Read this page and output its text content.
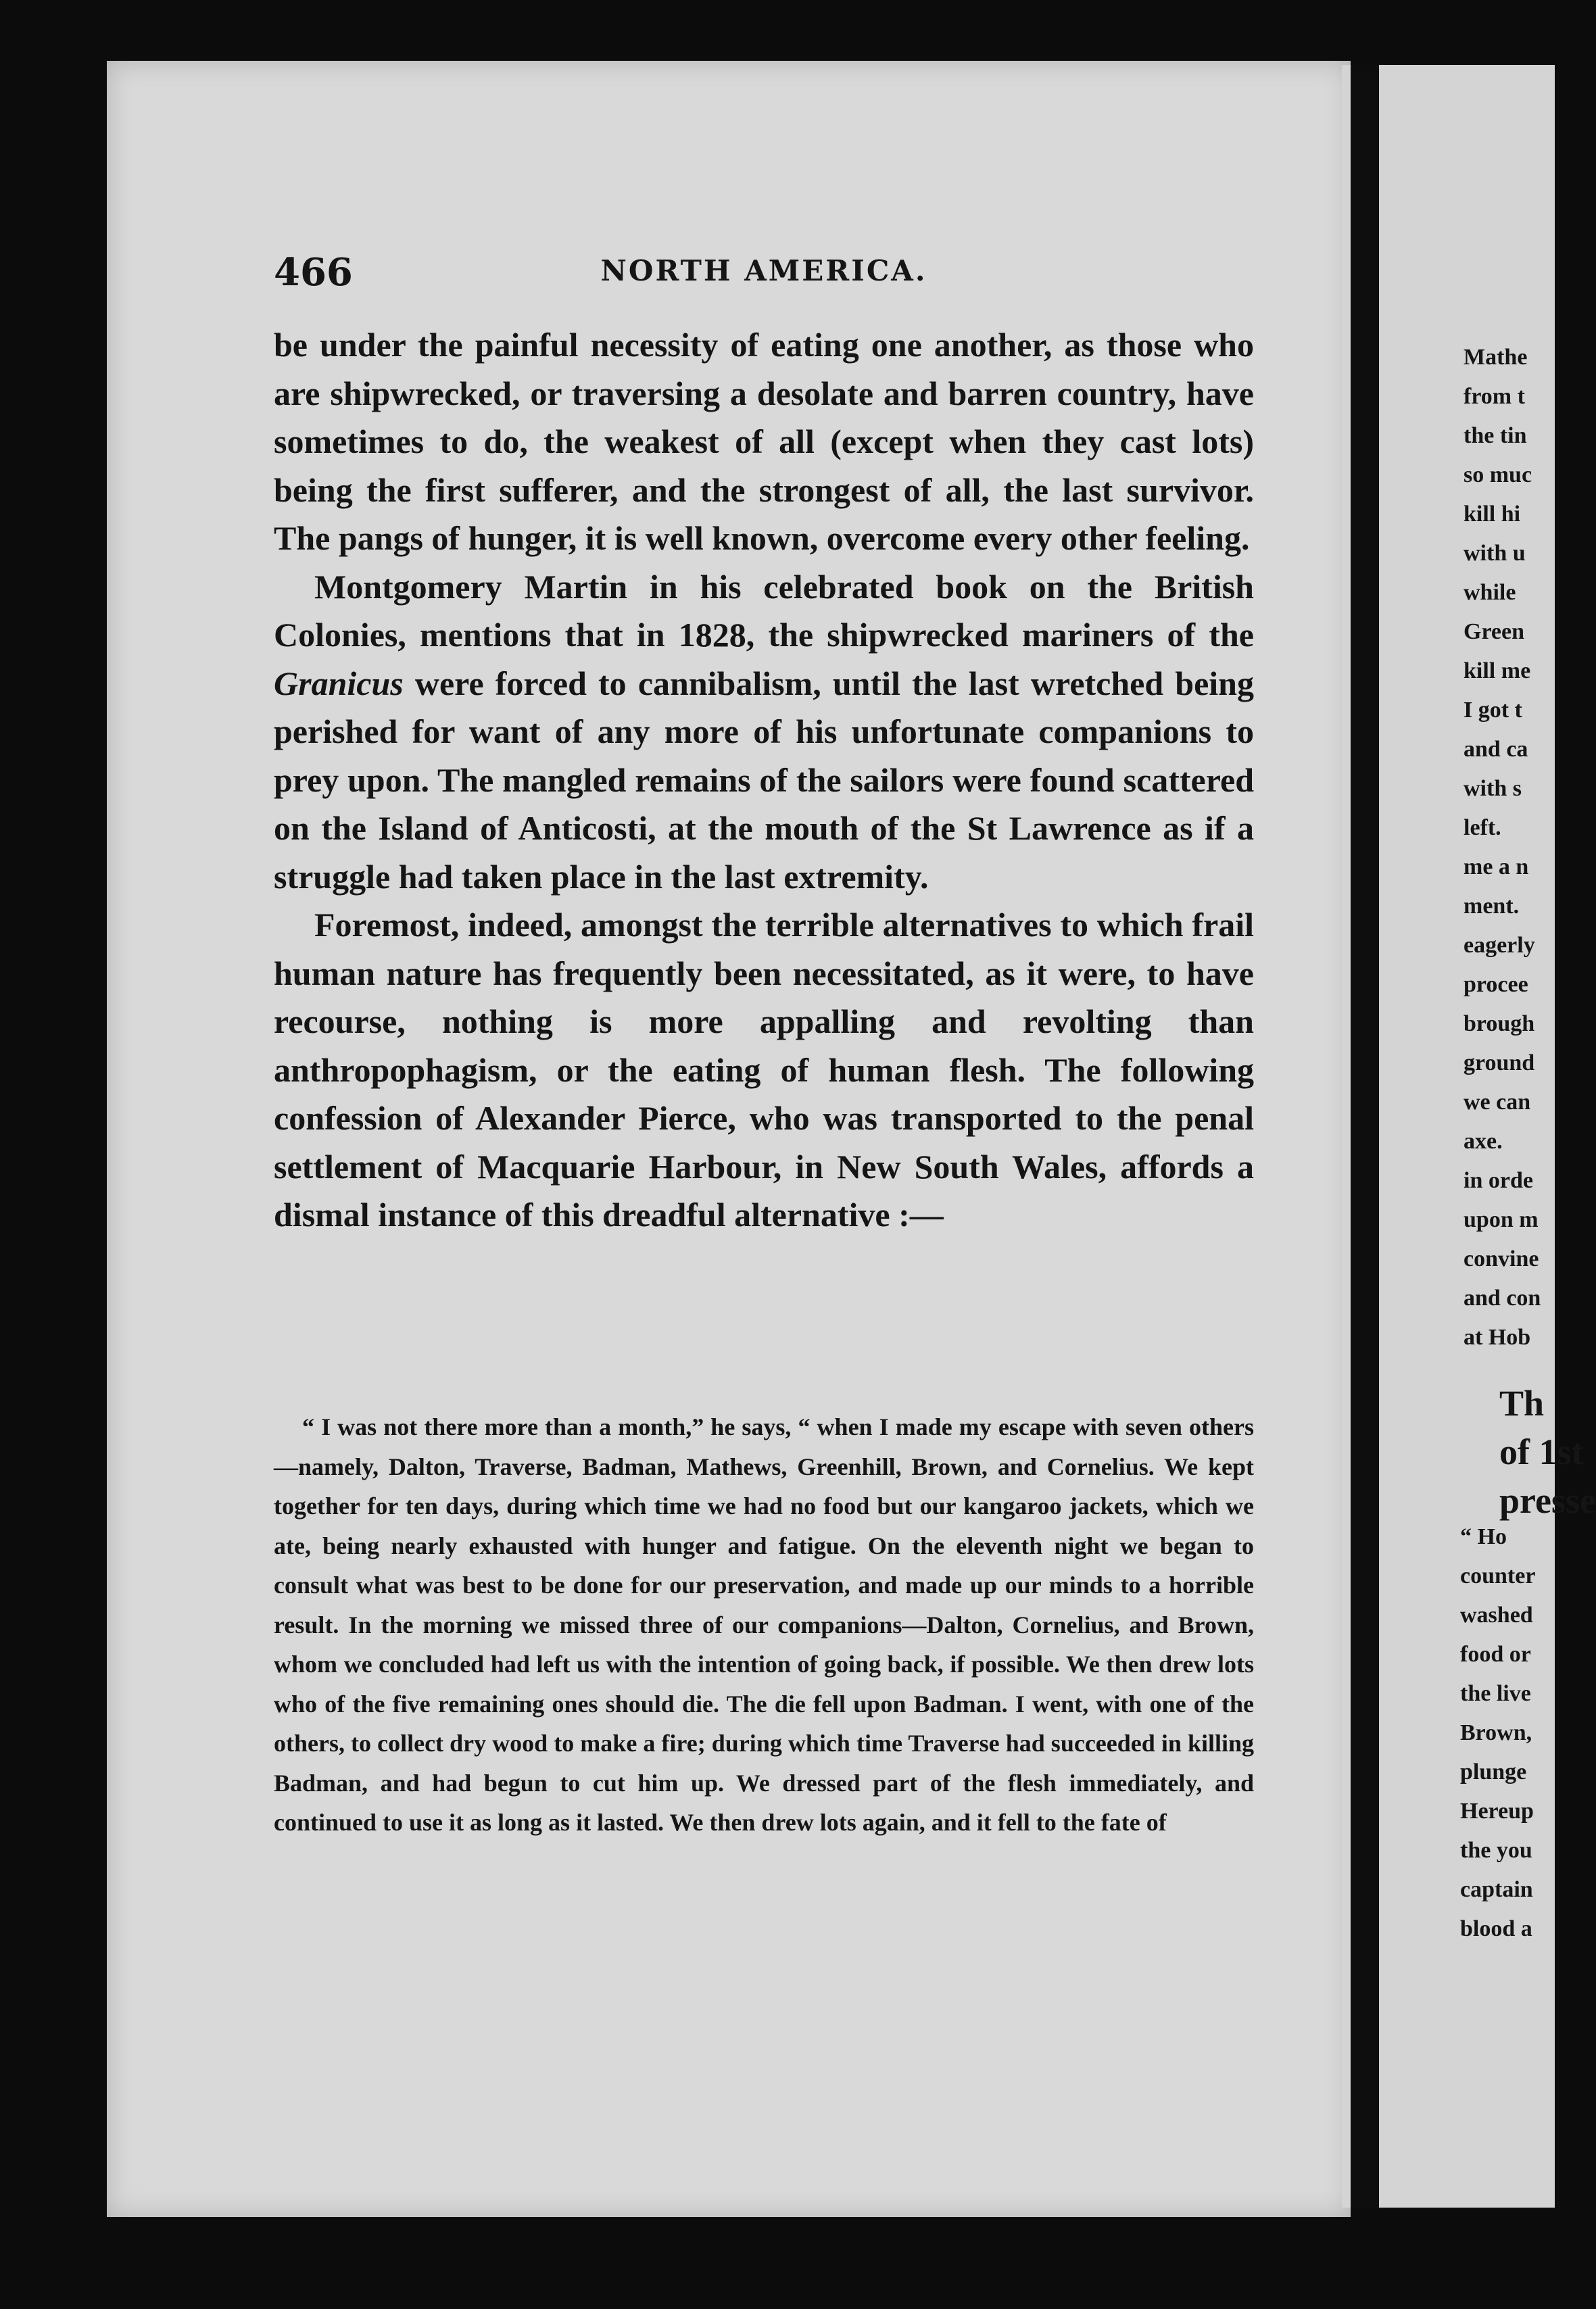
466	NORTH AMERICA.

be under the painful necessity of eating one another, as those who are shipwrecked, or traversing a desolate and barren country, have sometimes to do, the weakest of all (except when they cast lots) being the first sufferer, and the strongest of all, the last survivor. The pangs of hunger, it is well known, overcome every other feeling.

Montgomery Martin in his celebrated book on the British Colonies, mentions that in 1828, the shipwrecked mariners of the Granicus were forced to cannibalism, until the last wretched being perished for want of any more of his unfortunate companions to prey upon. The mangled remains of the sailors were found scattered on the Island of Anticosti, at the mouth of the St Lawrence as if a struggle had taken place in the last extremity.

Foremost, indeed, amongst the terrible alternatives to which frail human nature has frequently been necessitated, as it were, to have recourse, nothing is more appalling and revolting than anthropophagism, or the eating of human flesh. The following confession of Alexander Pierce, who was transported to the penal settlement of Macquarie Harbour, in New South Wales, affords a dismal instance of this dreadful alternative :—

“ I was not there more than a month,” he says, “ when I made my escape with seven others—namely, Dalton, Traverse, Badman, Mathews, Greenhill, Brown, and Cornelius. We kept together for ten days, during which time we had no food but our kangaroo jackets, which we ate, being nearly exhausted with hunger and fatigue. On the eleventh night we began to consult what was best to be done for our preservation, and made up our minds to a horrible result. In the morning we missed three of our companions—Dalton, Cornelius, and Brown, whom we concluded had left us with the intention of going back, if possible. We then drew lots who of the five remaining ones should die. The die fell upon Badman. I went, with one of the others, to collect dry wood to make a fire; during which time Traverse had succeeded in killing Badman, and had begun to cut him up. We dressed part of the flesh immediately, and continued to use it as long as it lasted. We then drew lots again, and it fell to the fate of

Mathe
from t
the tin
so muc
kill hi
with u
while
Green
kill me
I got t
and ca
with s
left.
me a n
ment.
eagerly
procee
brough
ground
we can
axe.
in orde
upon m
convine
and con
at Hob
Th
of 1st
presse
“ Ho
counter
washed
food or
the live
Brown,
plunge
Hereup
the you
captain
blood a
